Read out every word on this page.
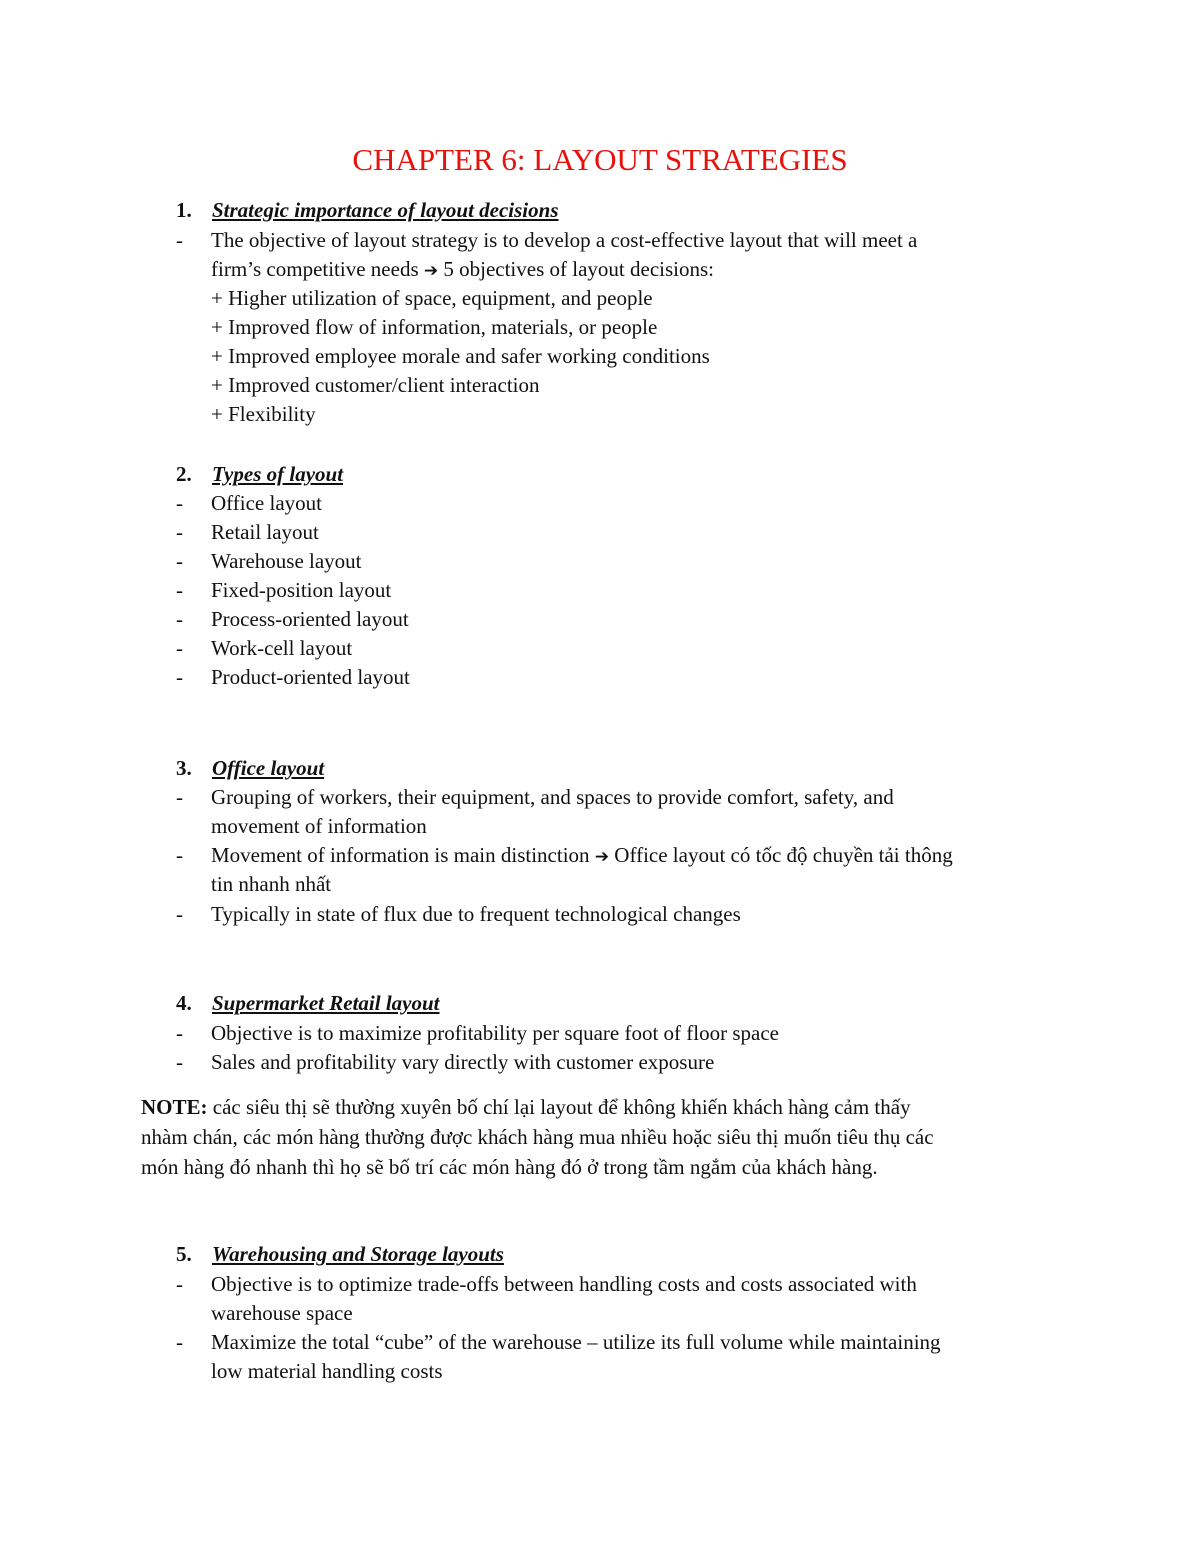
CHAPTER 6: LAYOUT STRATEGIES
1. Strategic importance of layout decisions
- The objective of layout strategy is to develop a cost-effective layout that will meet a
firm’s competitive needs ➔ 5 objectives of layout decisions:
+ Higher utilization of space, equipment, and people
+ Improved flow of information, materials, or people
+ Improved employee morale and safer working conditions
+ Improved customer/client interaction
+ Flexibility
2. Types of layout
- Office layout
- Retail layout
- Warehouse layout
- Fixed-position layout
- Process-oriented layout
- Work-cell layout
- Product-oriented layout
3. Office layout
- Grouping of workers, their equipment, and spaces to provide comfort, safety, and
movement of information
- Movement of information is main distinction ➔ Office layout có tốc độ chuyền tải thông
tin nhanh nhất
- Typically in state of flux due to frequent technological changes
4. Supermarket Retail layout
- Objective is to maximize profitability per square foot of floor space
- Sales and profitability vary directly with customer exposure
NOTE: các siêu thị sẽ thường xuyên bố chí lại layout để không khiến khách hàng cảm thấy
nhàm chán, các món hàng thường được khách hàng mua nhiều hoặc siêu thị muốn tiêu thụ các
món hàng đó nhanh thì họ sẽ bố trí các món hàng đó ở trong tầm ngắm của khách hàng.
5. Warehousing and Storage layouts
- Objective is to optimize trade-offs between handling costs and costs associated with
warehouse space
- Maximize the total “cube” of the warehouse – utilize its full volume while maintaining
low material handling costs
